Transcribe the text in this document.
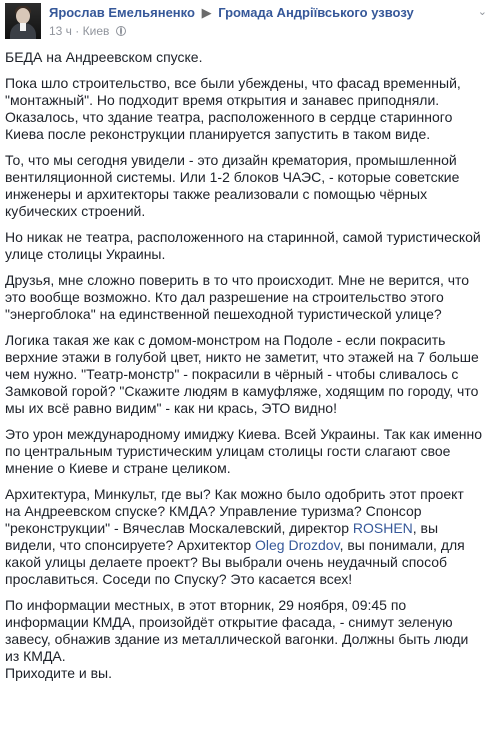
Ярослав Емельяненко ▶ Громада Андріївського узвозу
13 ч · Киев
⌄

БЕДА на Андреевском спуске.

Пока шло строительство, все были убеждены, что фасад временный, "монтажный". Но подходит время открытия и занавес приподняли. Оказалось, что здание театра, расположенного в сердце старинного Киева после реконструкции планируется запустить в таком виде.

То, что мы сегодня увидели - это дизайн крематория, промышленной вентиляционной системы. Или 1-2 блоков ЧАЭС, - которые советские инженеры и архитекторы также реализовали с помощью чёрных кубических строений.

Но никак не театра, расположенного на старинной, самой туристической улице столицы Украины.

Друзья, мне сложно поверить в то что происходит. Мне не верится, что это вообще возможно. Кто дал разрешение на строительство этого "энергоблока" на единственной пешеходной туристической улице?

Логика такая же как с домом-монстром на Подоле - если покрасить верхние этажи в голубой цвет, никто не заметит, что этажей на 7 больше чем нужно. "Театр-монстр" - покрасили в чёрный - чтобы сливалось с Замковой горой? "Скажите людям в камуфляже, ходящим по городу, что мы их всё равно видим" - как ни крась, ЭТО видно!

Это урон международному имиджу Киева. Всей Украины. Так как именно по центральным туристическим улицам столицы гости слагают свое мнение о Киеве и стране целиком.

Архитектура, Минкульт, где вы? Как можно было одобрить этот проект на Андреевском спуске? КМДА? Управление туризма? Спонсор "реконструкции" - Вячеслав Москалевский, директор ROSHEN, вы видели, что спонсируете? Архитектор Oleg Drozdov, вы понимали, для какой улицы делаете проект? Вы выбрали очень неудачный способ прославиться. Соседи по Спуску? Это касается всех!

По информации местных, в этот вторник, 29 ноября, 09:45 по информации КМДА, произойдёт открытие фасада, - снимут зеленую завесу, обнажив здание из металлической вагонки. Должны быть люди из КМДА.
Приходите и вы.
